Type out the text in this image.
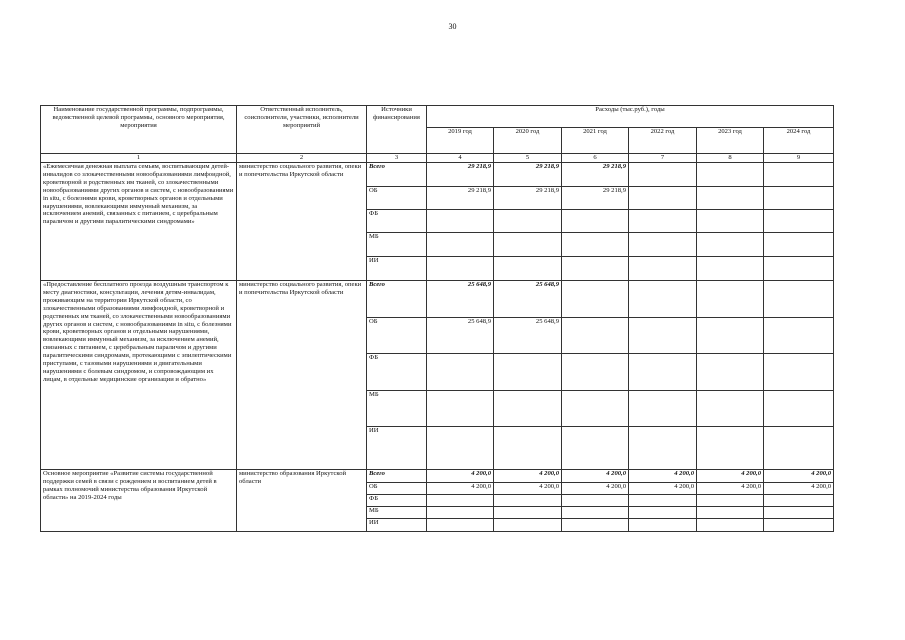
30
Наименование государственной программы, подпрограммы, ведомственной целевой программы, основного мероприятия, мероприятия	Ответственный исполнитель, соисполнители, участники, исполнители мероприятий	Источники финансирования	Расходы (тыс.руб.), годы					
			2019 год	2020 год	2021 год	2022 год	2023 год	2024 год
1	2	3	4	5	6	7	8	9
«Ежемесячная денежная выплата семьям, воспитывающим детей-инвалидов со злокачественными новообразованиями лимфоидной, кроветворной и родственных им тканей, со злокачественными новообразованиями других органов и систем, с новообразованиями in situ, с болезнями крови, кроветворных органов и отдельными нарушениями, вовлекающими иммунный механизм, за исключением анемий, связанных с питанием, с церебральным параличом и другими паралитическими синдромами»	министерство социального развития, опеки и попечительства Иркутской области	Всего	29 218,9	29 218,9	29 218,9			
		ОБ	29 218,9	29 218,9	29 218,9			
		ФБ						
		МБ						
		ИИ						
«Предоставление бесплатного проезда воздушным транспортом к месту диагностики, консультации, лечения детям-инвалидам, проживающим на территории Иркутской области, со злокачественными образованиями лимфоидной, кроветворной и родственных им тканей, со злокачественными новообразованиями других органов и систем, с новообразованиями in situ, с болезнями крови, кроветворных органов и отдельными нарушениями, вовлекающими иммунный механизм, за исключением анемий, связанных с питанием, с церебральным параличом и другими паралитическими синдромами, протекающими с эпилептическими приступами, с тазовыми нарушениями и двигательными нарушениями с болевым синдромом, и сопровождающим их лицам, в отдельные медицинские организации и обратно»	министерство социального развития, опеки и попечительства Иркутской области	Всего	25 648,9	25 648,9				
		ОБ	25 648,9	25 648,9				
		ФБ						
		МБ						
		ИИ						
Основное мероприятие «Развитие системы государственной поддержки семей в связи с рождением и воспитанием детей в рамках полномочий министерства образования Иркутской области» на 2019-2024 годы	министерство образования Иркутской области	Всего	4 200,0	4 200,0	4 200,0	4 200,0	4 200,0	4 200,0
		ОБ	4 200,0	4 200,0	4 200,0	4 200,0	4 200,0	4 200,0
		ФБ						
		МБ						
		ИИ						
